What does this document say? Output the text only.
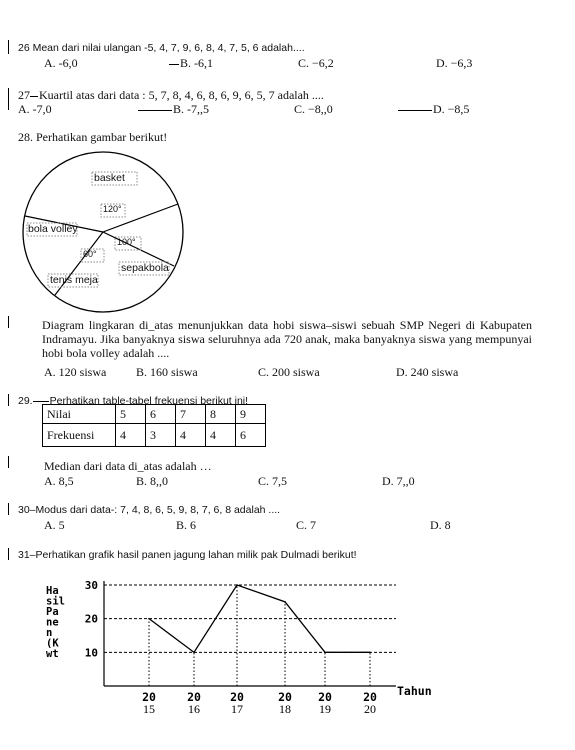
26 Mean dari nilai ulangan -5, 4, 7, 9, 6, 8, 4, 7, 5, 6 adalah....
A. -6,0	B. -6,1	C. −6,2	D. −6,3
27 Kuartil atas dari data : 5, 7, 8, 4, 6, 8, 6, 9, 6, 5, 7 adalah ....
A. -7,0	B. -7,,5	C. −8,,0	D. −8,5
28. Perhatikan gambar berikut!
basket
120°
bola volley
100°
60°
sepakbola
tenis meja
Diagram lingkaran di_atas menunjukkan data hobi siswa–siswi sebuah SMP Negeri di Kabupaten Indramayu. Jika banyaknya siswa seluruhnya ada 720 anak, maka banyaknya siswa yang mempunyai hobi bola volley adalah ....
A. 120 siswa B. 160 siswa	C. 200 siswa	D. 240 siswa
29. Perhatikan table-tabel frekuensi berikut ini!
Nilai	5	6	7	8	9
Frekuensi	4	3	4	4	6
Median dari data di_atas adalah …
A. 8,5	B. 8,,0	C. 7,5	D. 7,,0
30–Modus dari data-: 7, 4, 8, 6, 5, 9, 8, 7, 6, 8 adalah ....
A. 5	B. 6	C. 7	D. 8
31–Perhatikan grafik hasil panen jagung lahan milik pak Dulmadi berikut!
30
20
10
Ha
sil
Pa
ne
n
(K
wt
20
15
20
16
20
17
20
18
20
19
20
20
Tahun
